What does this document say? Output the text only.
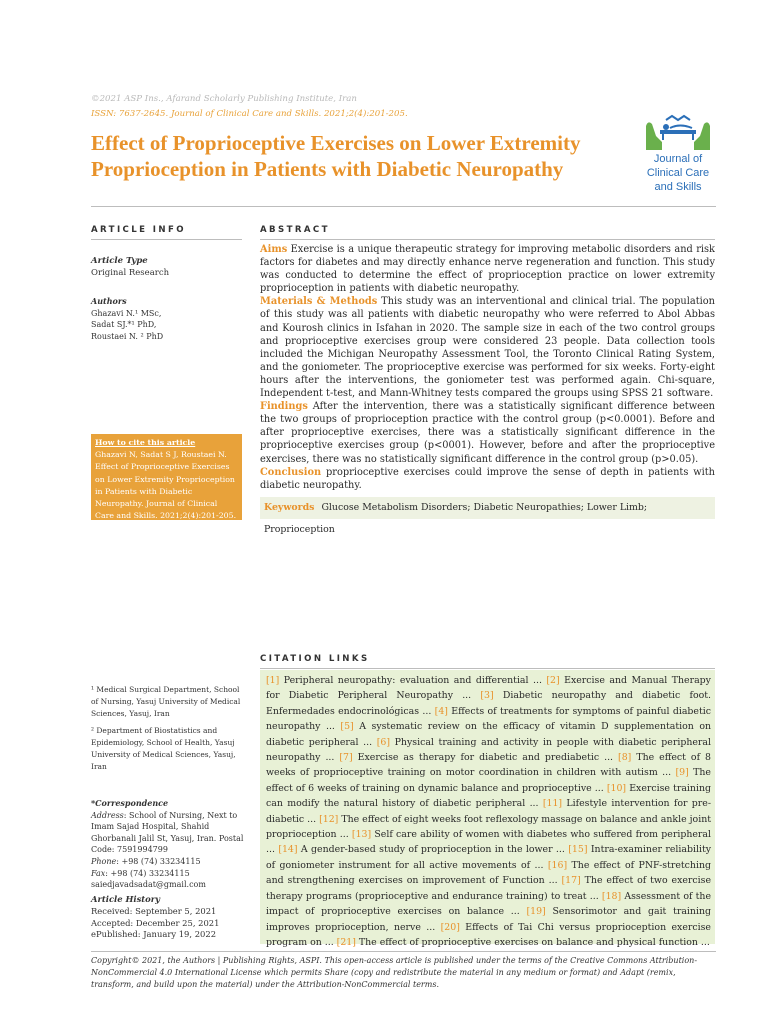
©2021 ASP Ins., Afarand Scholarly Publishing Institute, Iran
ISSN: 7637-2645. Journal of Clinical Care and Skills. 2021;2(4):201-205.
Effect of Proprioceptive Exercises on Lower Extremity Proprioception in Patients with Diabetic Neuropathy	Journal of Clinical Care and Skills
ARTICLE INFO	ABSTRACT
Article Type
Original Research
Authors
Ghazavi N.¹ MSc,
Sadat SJ.*¹ PhD,
Roustaei N. ² PhD
How to cite this article
Ghazavi N, Sadat S J, Roustaei N. Effect of Proprioceptive Exercises on Lower Extremity Proprioception in Patients with Diabetic Neuropathy. Journal of Clinical Care and Skills. 2021;2(4):201-205.
Aims Exercise is a unique therapeutic strategy for improving metabolic disorders and risk factors for diabetes and may directly enhance nerve regeneration and function. This study was conducted to determine the effect of proprioception practice on lower extremity proprioception in patients with diabetic neuropathy.
Materials & Methods This study was an interventional and clinical trial. The population of this study was all patients with diabetic neuropathy who were referred to Abol Abbas and Kourosh clinics in Isfahan in 2020. The sample size in each of the two control groups and proprioceptive exercises group were considered 23 people. Data collection tools included the Michigan Neuropathy Assessment Tool, the Toronto Clinical Rating System, and the goniometer. The proprioceptive exercise was performed for six weeks. Forty-eight hours after the interventions, the goniometer test was performed again. Chi-square, Independent t-test, and Mann-Whitney tests compared the groups using SPSS 21 software.
Findings After the intervention, there was a statistically significant difference between the two groups of proprioception practice with the control group (p<0.0001). Before and after proprioceptive exercises, there was a statistically significant difference in the proprioceptive exercises group (p<0001). However, before and after the proprioceptive exercises, there was no statistically significant difference in the control group (p>0.05).
Conclusion proprioceptive exercises could improve the sense of depth in patients with diabetic neuropathy.
Keywords Glucose Metabolism Disorders; Diabetic Neuropathies; Lower Limb; Proprioception
CITATION LINKS
[1] Peripheral neuropathy: evaluation and differential ... [2] Exercise and Manual Therapy for Diabetic Peripheral Neuropathy ... [3] Diabetic neuropathy and diabetic foot. Enfermedades endocrinológicas ... [4] Effects of treatments for symptoms of painful diabetic neuropathy ... [5] A systematic review on the efficacy of vitamin D supplementation on diabetic peripheral ... [6] Physical training and activity in people with diabetic peripheral neuropathy ... [7] Exercise as therapy for diabetic and prediabetic ... [8] The effect of 8 weeks of proprioceptive training on motor coordination in children with autism ... [9] The effect of 6 weeks of training on dynamic balance and proprioceptive ... [10] Exercise training can modify the natural history of diabetic peripheral ... [11] Lifestyle intervention for pre-diabetic ... [12] The effect of eight weeks foot reflexology massage on balance and ankle joint proprioception ... [13] Self care ability of women with diabetes who suffered from peripheral ... [14] A gender-based study of proprioception in the lower ... [15] Intra-examiner reliability of goniometer instrument for all active movements of ... [16] The effect of PNF-stretching and strengthening exercises on improvement of Function ... [17] The effect of two exercise therapy programs (proprioceptive and endurance training) to treat ... [18] Assessment of the impact of proprioceptive exercises on balance ... [19] Sensorimotor and gait training improves proprioception, nerve ... [20] Effects of Tai Chi versus proprioception exercise program on ... [21] The effect of proprioceptive exercises on balance and physical function ...
¹ Medical Surgical Department, School of Nursing, Yasuj University of Medical Sciences, Yasuj, Iran
² Department of Biostatistics and Epidemiology, School of Health, Yasuj University of Medical Sciences, Yasuj, Iran
*Correspondence
Address: School of Nursing, Next to Imam Sajad Hospital, Shahid Ghorbanali Jalil St, Yasuj, Iran. Postal Code: 7591994799
Phone: +98 (74) 33234115
Fax: +98 (74) 33234115
saiedjavadsadat@gmail.com
Article History
Received: September 5, 2021
Accepted: December 25, 2021
ePublished: January 19, 2022
Copyright© 2021, the Authors | Publishing Rights, ASPI. This open-access article is published under the terms of the Creative Commons Attribution-NonCommercial 4.0 International License which permits Share (copy and redistribute the material in any medium or format) and Adapt (remix, transform, and build upon the material) under the Attribution-NonCommercial terms.
